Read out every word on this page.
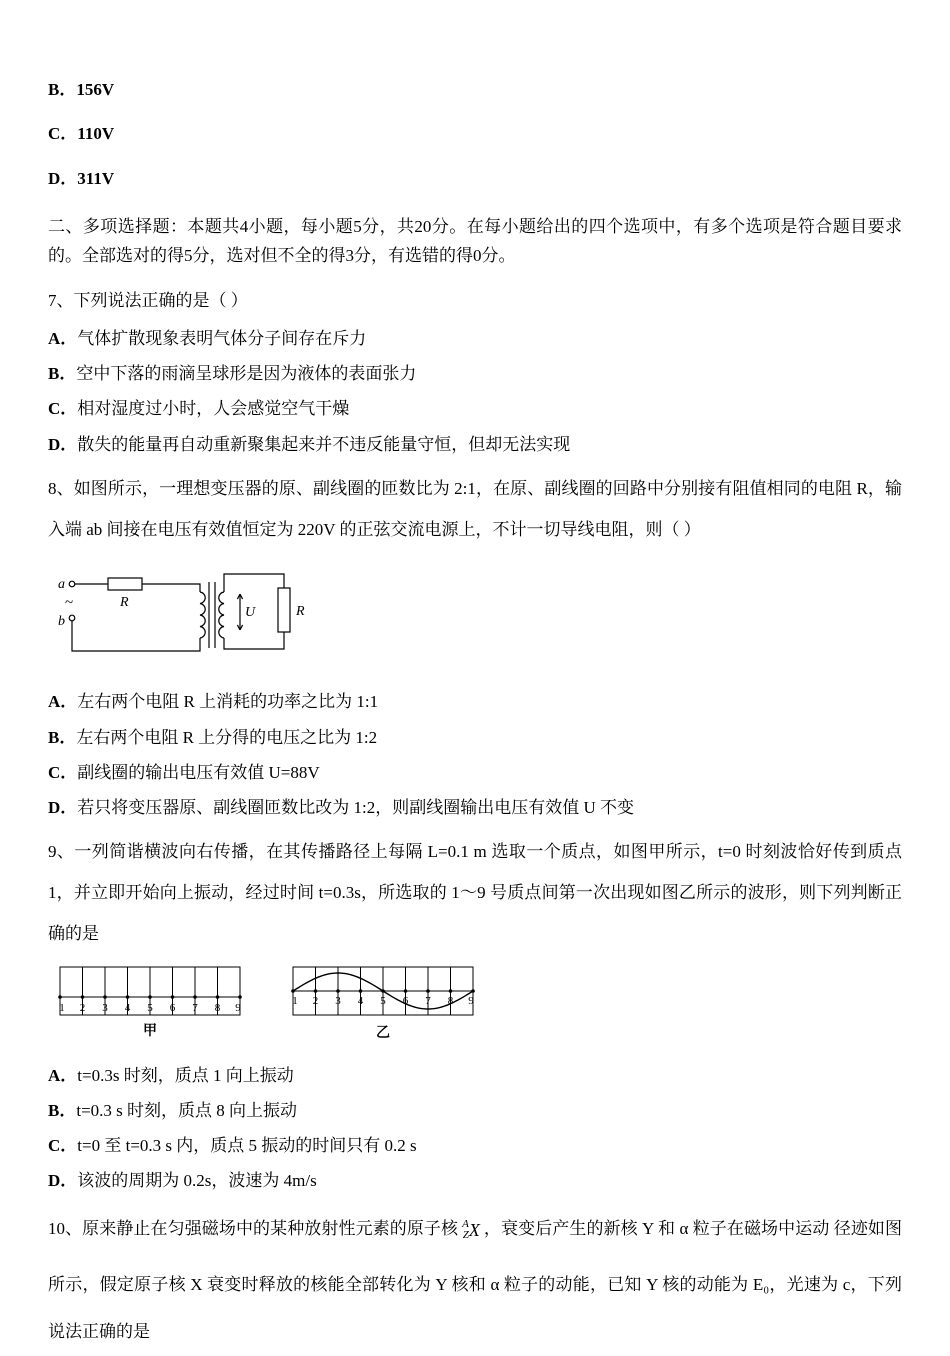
B．156V
C．110V
D．311V

二、多项选择题：本题共4小题，每小题5分，共20分。在每小题给出的四个选项中，有多个选项是符合题目要求的。全部选对的得5分，选对但不全的得3分，有选错的得0分。

7、下列说法正确的是（ ）

A．气体扩散现象表明气体分子间存在斥力
B．空中下落的雨滴呈球形是因为液体的表面张力
C．相对湿度过小时，人会感觉空气干燥
D．散失的能量再自动重新聚集起来并不违反能量守恒，但却无法实现

8、如图所示，一理想变压器的原、副线圈的匝数比为 2:1，在原、副线圈的回路中分别接有阻值相同的电阻 R，输入端 ab 间接在电压有效值恒定为 220V 的正弦交流电源上，不计一切导线电阻，则（ ）

a
b
~	R
U	R
A．左右两个电阻 R 上消耗的功率之比为 1:1
B．左右两个电阻 R 上分得的电压之比为 1:2
C．副线圈的输出电压有效值 U=88V
D．若只将变压器原、副线圈匝数比改为 1:2，则副线圈输出电压有效值 U 不变

9、一列简谐横波向右传播，在其传播路径上每隔 L=0.1 m 选取一个质点，如图甲所示，t=0 时刻波恰好传到质点 1，并立即开始向上振动，经过时间 t=0.3s，所选取的 1～9 号质点间第一次出现如图乙所示的波形，则下列判断正确的是

1 2 3 4 5 6 7 8 9
甲
1 2 3 4 5 6 7 8 9
乙
A．t=0.3s 时刻，质点 1 向上振动
B．t=0.3 s 时刻，质点 8 向上振动
C．t=0 至 t=0.3 s 内，质点 5 振动的时间只有 0.2 s
D．该波的周期为 0.2s，波速为 4m/s

10、原来静止在匀强磁场中的某种放射性元素的原子核 A
Z X ，衰变后产生的新核 Y 和 α 粒子在磁场中运动 径迹如图所示，假定原子核 X 衰变时释放的核能全部转化为 Y 核和 α 粒子的动能，已知 Y 核的动能为 E₀，光速为 c，下列说法正确的是
